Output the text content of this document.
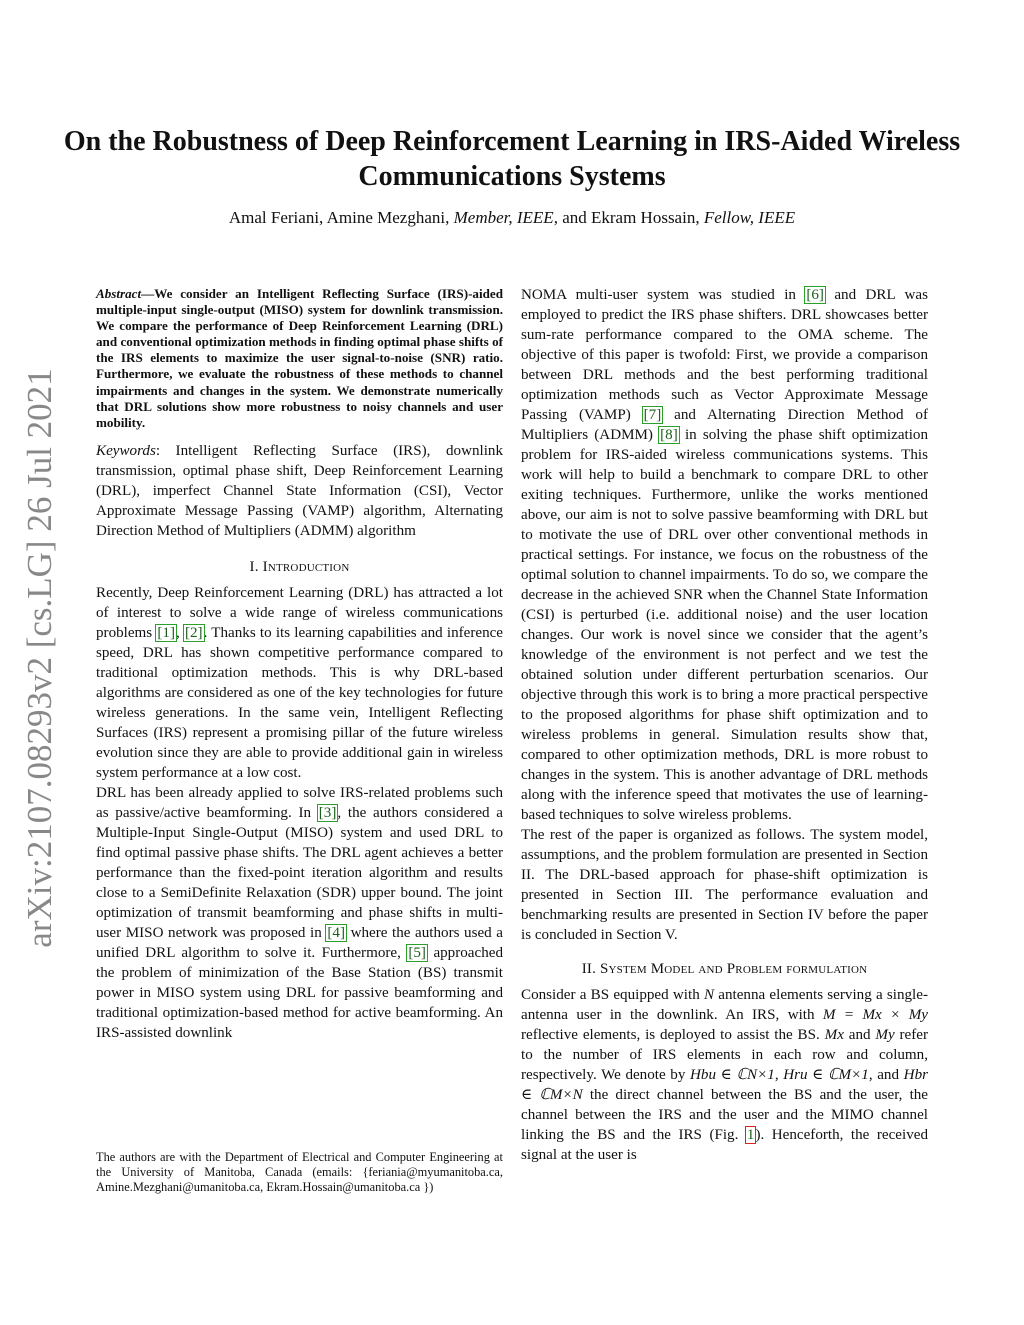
arXiv:2107.08293v2 [cs.LG] 26 Jul 2021
On the Robustness of Deep Reinforcement Learning in IRS-Aided Wireless Communications Systems
Amal Feriani, Amine Mezghani, Member, IEEE, and Ekram Hossain, Fellow, IEEE

Abstract—We consider an Intelligent Reflecting Surface (IRS)-aided multiple-input single-output (MISO) system for downlink transmission. We compare the performance of Deep Reinforcement Learning (DRL) and conventional optimization methods in finding optimal phase shifts of the IRS elements to maximize the user signal-to-noise (SNR) ratio. Furthermore, we evaluate the robustness of these methods to channel impairments and changes in the system. We demonstrate numerically that DRL solutions show more robustness to noisy channels and user mobility.

Keywords: Intelligent Reflecting Surface (IRS), downlink transmission, optimal phase shift, Deep Reinforcement Learning (DRL), imperfect Channel State Information (CSI), Vector Approximate Message Passing (VAMP) algorithm, Alternating Direction Method of Multipliers (ADMM) algorithm

I. Introduction

Recently, Deep Reinforcement Learning (DRL) has attracted a lot of interest to solve a wide range of wireless communications problems [1], [2]. Thanks to its learning capabilities and inference speed, DRL has shown competitive performance compared to traditional optimization methods. This is why DRL-based algorithms are considered as one of the key technologies for future wireless generations. In the same vein, Intelligent Reflecting Surfaces (IRS) represent a promising pillar of the future wireless evolution since they are able to provide additional gain in wireless system performance at a low cost.

DRL has been already applied to solve IRS-related problems such as passive/active beamforming. In [3], the authors considered a Multiple-Input Single-Output (MISO) system and used DRL to find optimal passive phase shifts. The DRL agent achieves a better performance than the fixed-point iteration algorithm and results close to a SemiDefinite Relaxation (SDR) upper bound. The joint optimization of transmit beamforming and phase shifts in multi-user MISO network was proposed in [4] where the authors used a unified DRL algorithm to solve it. Furthermore, [5] approached the problem of minimization of the Base Station (BS) transmit power in MISO system using DRL for passive beamforming and traditional optimization-based method for active beamforming. An IRS-assisted downlink

The authors are with the Department of Electrical and Computer Engineering at the University of Manitoba, Canada (emails: {feriania@myumanitoba.ca, Amine.Mezghani@umanitoba.ca, Ekram.Hossain@umanitoba.ca })

NOMA multi-user system was studied in [6] and DRL was employed to predict the IRS phase shifters. DRL showcases better sum-rate performance compared to the OMA scheme. The objective of this paper is twofold: First, we provide a comparison between DRL methods and the best performing traditional optimization methods such as Vector Approximate Message Passing (VAMP) [7] and Alternating Direction Method of Multipliers (ADMM) [8] in solving the phase shift optimization problem for IRS-aided wireless communications systems. This work will help to build a benchmark to compare DRL to other exiting techniques. Furthermore, unlike the works mentioned above, our aim is not to solve passive beamforming with DRL but to motivate the use of DRL over other conventional methods in practical settings. For instance, we focus on the robustness of the optimal solution to channel impairments. To do so, we compare the decrease in the achieved SNR when the Channel State Information (CSI) is perturbed (i.e. additional noise) and the user location changes. Our work is novel since we consider that the agent’s knowledge of the environment is not perfect and we test the obtained solution under different perturbation scenarios. Our objective through this work is to bring a more practical perspective to the proposed algorithms for phase shift optimization and to wireless problems in general. Simulation results show that, compared to other optimization methods, DRL is more robust to changes in the system. This is another advantage of DRL methods along with the inference speed that motivates the use of learning-based techniques to solve wireless problems.

The rest of the paper is organized as follows. The system model, assumptions, and the problem formulation are presented in Section II. The DRL-based approach for phase-shift optimization is presented in Section III. The performance evaluation and benchmarking results are presented in Section IV before the paper is concluded in Section V.

II. System Model and Problem formulation

Consider a BS equipped with N antenna elements serving a single-antenna user in the downlink. An IRS, with M = Mx × My reflective elements, is deployed to assist the BS. Mx and My refer to the number of IRS elements in each row and column, respectively. We denote by Hbu ∈ ℂN×1, Hru ∈ ℂM×1, and Hbr ∈ ℂM×N the direct channel between the BS and the user, the channel between the IRS and the user and the MIMO channel linking the BS and the IRS (Fig. 1). Henceforth, the received signal at the user is
